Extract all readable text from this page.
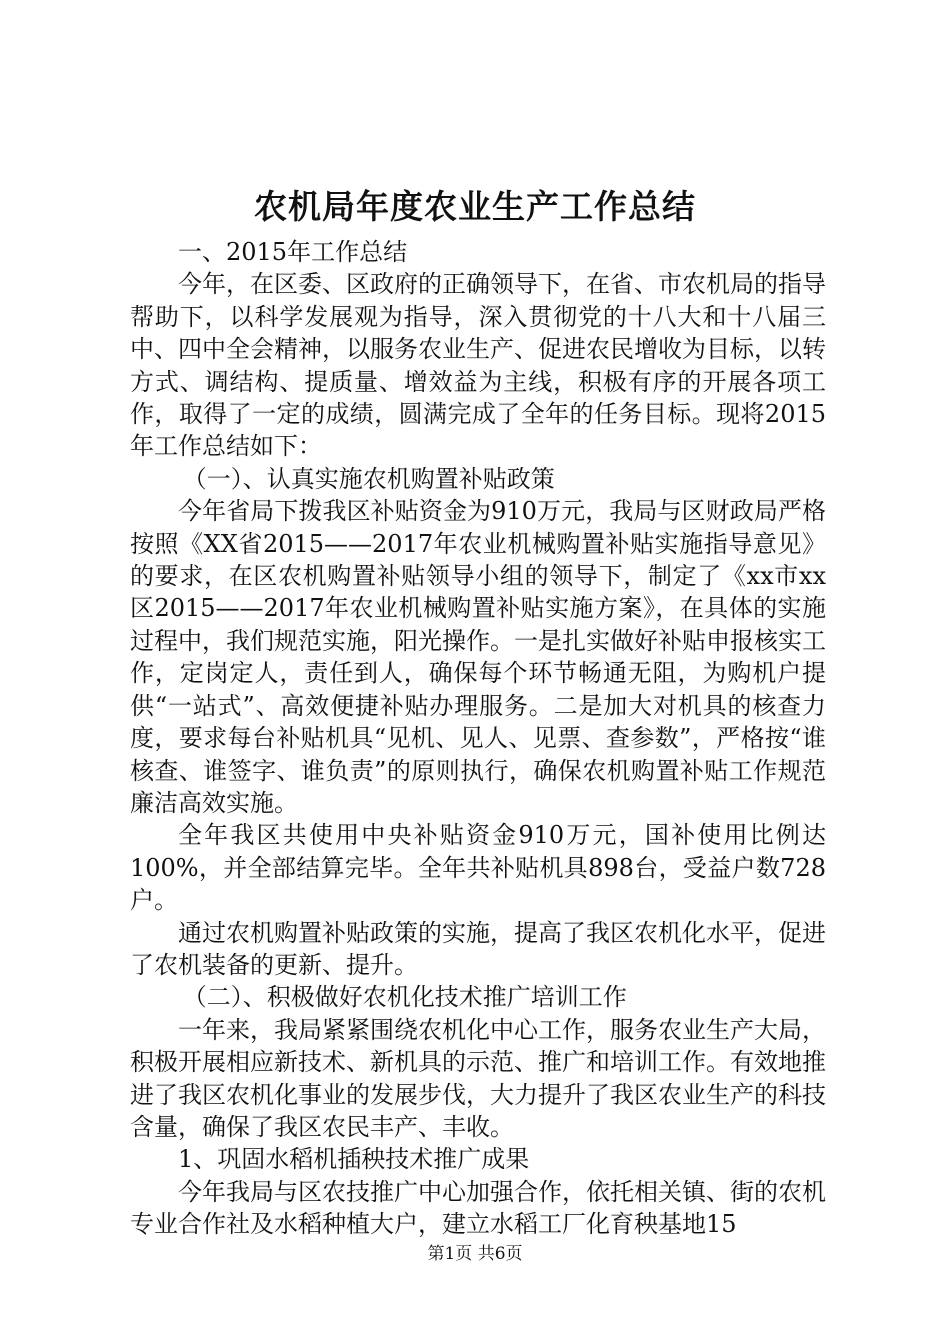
农机局年度农业生产工作总结

一、2015年工作总结

今年，在区委、区政府的正确领导下，在省、市农机局的指导帮助下，以科学发展观为指导，深入贯彻党的十八大和十八届三中、四中全会精神，以服务农业生产、促进农民增收为目标，以转方式、调结构、提质量、增效益为主线，积极有序的开展各项工作，取得了一定的成绩，圆满完成了全年的任务目标。现将2015年工作总结如下：

（一）、认真实施农机购置补贴政策

今年省局下拨我区补贴资金为910万元，我局与区财政局严格按照《XX省2015——2017年农业机械购置补贴实施指导意见》的要求，在区农机购置补贴领导小组的领导下，制定了《xx市xx区2015——2017年农业机械购置补贴实施方案》，在具体的实施过程中，我们规范实施，阳光操作。一是扎实做好补贴申报核实工作，定岗定人，责任到人，确保每个环节畅通无阻，为购机户提供“一站式”、高效便捷补贴办理服务。二是加大对机具的核查力度，要求每台补贴机具“见机、见人、见票、查参数”，严格按“谁核查、谁签字、谁负责”的原则执行，确保农机购置补贴工作规范廉洁高效实施。

全年我区共使用中央补贴资金910万元，国补使用比例达100%，并全部结算完毕。全年共补贴机具898台，受益户数728户。

通过农机购置补贴政策的实施，提高了我区农机化水平，促进了农机装备的更新、提升。

（二）、积极做好农机化技术推广培训工作

一年来，我局紧紧围绕农机化中心工作，服务农业生产大局，积极开展相应新技术、新机具的示范、推广和培训工作。有效地推进了我区农机化事业的发展步伐，大力提升了我区农业生产的科技含量，确保了我区农民丰产、丰收。

1、巩固水稻机插秧技术推广成果

今年我局与区农技推广中心加强合作，依托相关镇、街的农机专业合作社及水稻种植大户，建立水稻工厂化育秧基地15

第1页 共6页
